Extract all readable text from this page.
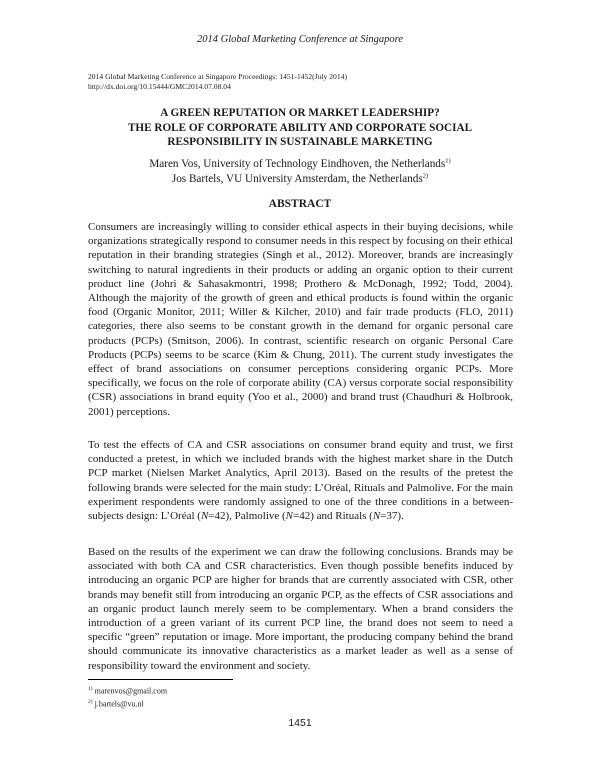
2014 Global Marketing Conference at Singapore
2014 Global Marketing Conference at Singapore Proceedings: 1451-1452(July 2014)
http://dx.doi.org/10.15444/GMC2014.07.08.04
A GREEN REPUTATION OR MARKET LEADERSHIP?
THE ROLE OF CORPORATE ABILITY AND CORPORATE SOCIAL
RESPONSIBILITY IN SUSTAINABLE MARKETING
Maren Vos, University of Technology Eindhoven, the Netherlands$^{1)}$
Jos Bartels, VU University Amsterdam, the Netherlands$^{2)}$
ABSTRACT
Consumers are increasingly willing to consider ethical aspects in their buying decisions, while organizations strategically respond to consumer needs in this respect by focusing on their ethical reputation in their branding strategies (Singh et al., 2012). Moreover, brands are increasingly switching to natural ingredients in their products or adding an organic option to their current product line (Johri & Sahasakmontri, 1998; Prothero & McDonagh, 1992; Todd, 2004). Although the majority of the growth of green and ethical products is found within the organic food (Organic Monitor, 2011; Willer & Kilcher, 2010) and fair trade products (FLO, 2011) categories, there also seems to be constant growth in the demand for organic personal care products (PCPs) (Smitson, 2006). In contrast, scientific research on organic Personal Care Products (PCPs) seems to be scarce (Kim & Chung, 2011). The current study investigates the effect of brand associations on consumer perceptions considering organic PCPs. More specifically, we focus on the role of corporate ability (CA) versus corporate social responsibility (CSR) associations in brand equity (Yoo et al., 2000) and brand trust (Chaudhuri & Holbrook, 2001) perceptions.
To test the effects of CA and CSR associations on consumer brand equity and trust, we first conducted a pretest, in which we included brands with the highest market share in the Dutch PCP market (Nielsen Market Analytics, April 2013). Based on the results of the pretest the following brands were selected for the main study: L’Oréal, Rituals and Palmolive. For the main experiment respondents were randomly assigned to one of the three conditions in a between-subjects design: L’Oréal (N=42), Palmolive (N=42) and Rituals (N=37).
Based on the results of the experiment we can draw the following conclusions. Brands may be associated with both CA and CSR characteristics. Even though possible benefits induced by introducing an organic PCP are higher for brands that are currently associated with CSR, other brands may benefit still from introducing an organic PCP, as the effects of CSR associations and an organic product launch merely seem to be complementary. When a brand considers the introduction of a green variant of its current PCP line, the brand does not seem to need a specific “green” reputation or image. More important, the producing company behind the brand should communicate its innovative characteristics as a market leader as well as a sense of responsibility toward the environment and society.
$^{1)}$ marenvos@gmail.com
$^{2)}$ j.bartels@vu.nl
1451
